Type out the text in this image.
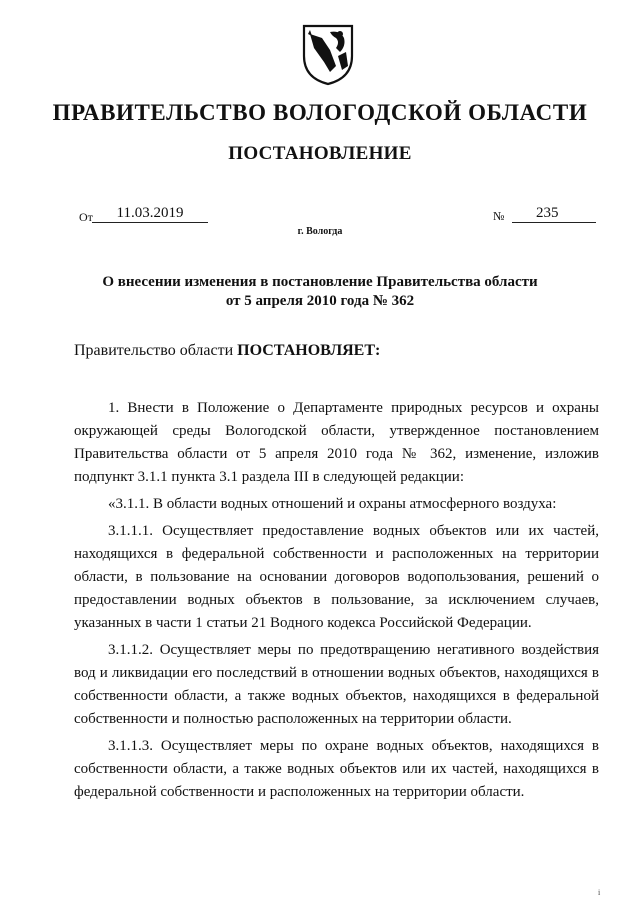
ПРАВИТЕЛЬСТВО ВОЛОГОДСКОЙ ОБЛАСТИ
ПОСТАНОВЛЕНИЕ
От	11.03.2019	№	235
г. Вологда
О внесении изменения в постановление Правительства области
от 5 апреля 2010 года № 362
Правительство области ПОСТАНОВЛЯЕТ:

1. Внести в Положение о Департаменте природных ресурсов и охраны окружающей среды Вологодской области, утвержденное постановлением Правительства области от 5 апреля 2010 года № 362, изменение, изложив подпункт 3.1.1 пункта 3.1 раздела III в следующей редакции:

«3.1.1. В области водных отношений и охраны атмосферного воздуха:

3.1.1.1. Осуществляет предоставление водных объектов или их частей, находящихся в федеральной собственности и расположенных на территории области, в пользование на основании договоров водопользования, решений о предоставлении водных объектов в пользование, за исключением случаев, указанных в части 1 статьи 21 Водного кодекса Российской Федерации.

3.1.1.2. Осуществляет меры по предотвращению негативного воздействия вод и ликвидации его последствий в отношении водных объектов, находящихся в собственности области, а также водных объектов, находящихся в федеральной собственности и полностью расположенных на территории области.

3.1.1.3. Осуществляет меры по охране водных объектов, находящихся в собственности области, а также водных объектов или их частей, находящихся в федеральной собственности и расположенных на территории области.

і
